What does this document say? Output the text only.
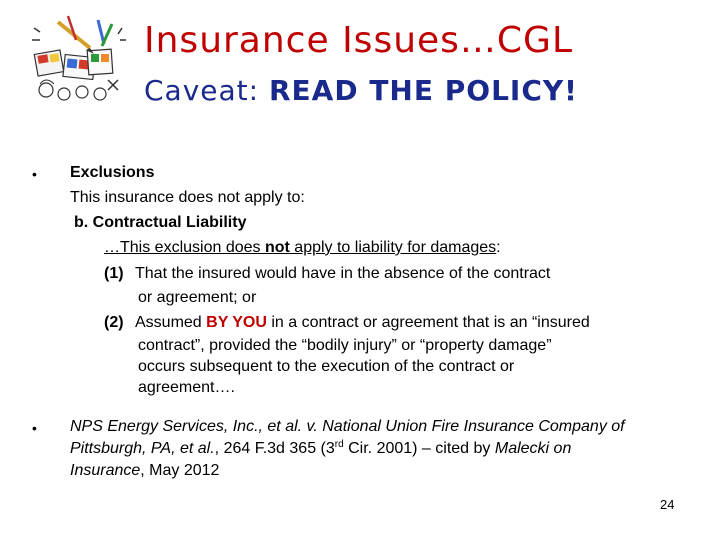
Insurance Issues…CGL
Caveat: READ THE POLICY!
• Exclusions
This insurance does not apply to:
b. Contractual Liability
…This exclusion does not apply to liability for damages:
(1) That the insured would have in the absence of the contract
or agreement; or
(2) Assumed BY YOU in a contract or agreement that is an “insured
contract”, provided the “bodily injury” or “property damage”
occurs subsequent to the execution of the contract or
agreement….
• NPS Energy Services, Inc., et al. v. National Union Fire Insurance Company of
Pittsburgh, PA, et al., 264 F.3d 365 (3rd Cir. 2001) – cited by Malecki on
Insurance, May 2012
24
